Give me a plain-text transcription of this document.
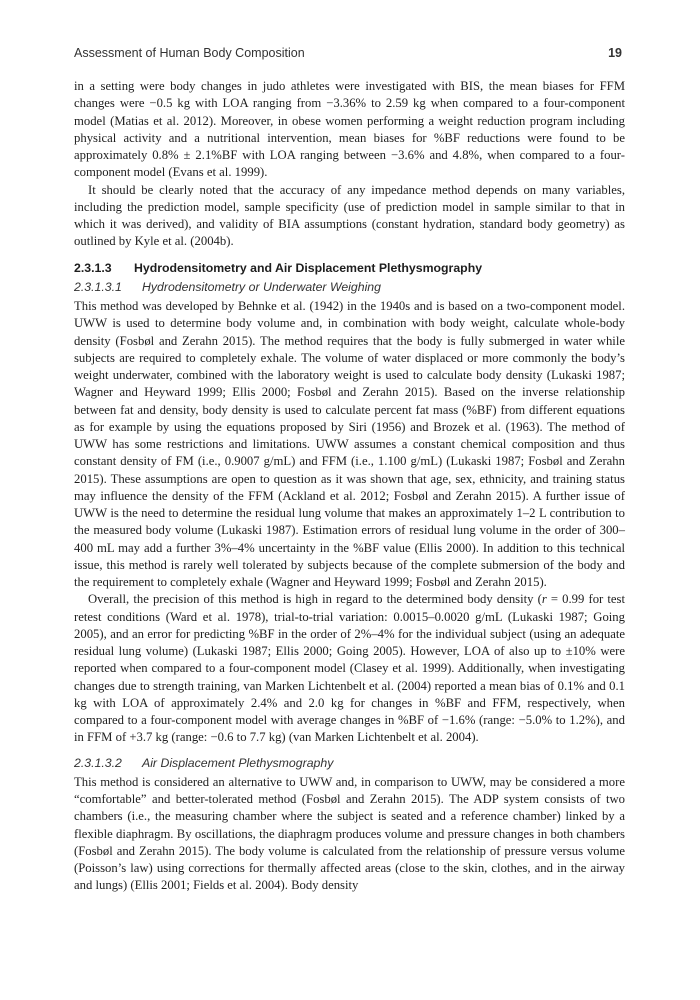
Assessment of Human Body Composition	19

in a setting were body changes in judo athletes were investigated with BIS, the mean biases for FFM changes were −0.5 kg with LOA ranging from −3.36% to 2.59 kg when compared to a four-component model (Matias et al. 2012). Moreover, in obese women performing a weight reduction program including physical activity and a nutritional intervention, mean biases for %BF reductions were found to be approximately 0.8% ± 2.1%BF with LOA ranging between −3.6% and 4.8%, when compared to a four-component model (Evans et al. 1999).

It should be clearly noted that the accuracy of any impedance method depends on many variables, including the prediction model, sample specificity (use of prediction model in sample similar to that in which it was derived), and validity of BIA assumptions (constant hydration, standard body geometry) as outlined by Kyle et al. (2004b).

2.3.1.3 Hydrodensitometry and Air Displacement Plethysmography
2.3.1.3.1 Hydrodensitometry or Underwater Weighing

This method was developed by Behnke et al. (1942) in the 1940s and is based on a two-component model. UWW is used to determine body volume and, in combination with body weight, calculate whole-body density (Fosbøl and Zerahn 2015). The method requires that the body is fully submerged in water while subjects are required to completely exhale. The volume of water displaced or more commonly the body’s weight underwater, combined with the laboratory weight is used to calculate body density (Lukaski 1987; Wagner and Heyward 1999; Ellis 2000; Fosbøl and Zerahn 2015). Based on the inverse relationship between fat and density, body density is used to calculate percent fat mass (%BF) from different equations as for example by using the equations proposed by Siri (1956) and Brozek et al. (1963). The method of UWW has some restrictions and limitations. UWW assumes a constant chemical composition and thus constant density of FM (i.e., 0.9007 g/mL) and FFM (i.e., 1.100 g/mL) (Lukaski 1987; Fosbøl and Zerahn 2015). These assumptions are open to question as it was shown that age, sex, ethnicity, and training status may influence the density of the FFM (Ackland et al. 2012; Fosbøl and Zerahn 2015). A further issue of UWW is the need to determine the residual lung volume that makes an approximately 1–2 L contribution to the measured body volume (Lukaski 1987). Estimation errors of residual lung volume in the order of 300–400 mL may add a further 3%–4% uncertainty in the %BF value (Ellis 2000). In addition to this technical issue, this method is rarely well tolerated by subjects because of the complete submersion of the body and the requirement to completely exhale (Wagner and Heyward 1999; Fosbøl and Zerahn 2015).

Overall, the precision of this method is high in regard to the determined body density (r = 0.99 for test retest conditions (Ward et al. 1978), trial-to-trial variation: 0.0015–0.0020 g/mL (Lukaski 1987; Going 2005), and an error for predicting %BF in the order of 2%–4% for the individual subject (using an adequate residual lung volume) (Lukaski 1987; Ellis 2000; Going 2005). However, LOA of also up to ±10% were reported when compared to a four-component model (Clasey et al. 1999). Additionally, when investigating changes due to strength training, van Marken Lichtenbelt et al. (2004) reported a mean bias of 0.1% and 0.1 kg with LOA of approximately 2.4% and 2.0 kg for changes in %BF and FFM, respectively, when compared to a four-component model with average changes in %BF of −1.6% (range: −5.0% to 1.2%), and in FFM of +3.7 kg (range: −0.6 to 7.7 kg) (van Marken Lichtenbelt et al. 2004).

2.3.1.3.2 Air Displacement Plethysmography

This method is considered an alternative to UWW and, in comparison to UWW, may be considered a more “comfortable” and better-tolerated method (Fosbøl and Zerahn 2015). The ADP system consists of two chambers (i.e., the measuring chamber where the subject is seated and a reference chamber) linked by a flexible diaphragm. By oscillations, the diaphragm produces volume and pressure changes in both chambers (Fosbøl and Zerahn 2015). The body volume is calculated from the relationship of pressure versus volume (Poisson’s law) using corrections for thermally affected areas (close to the skin, clothes, and in the airway and lungs) (Ellis 2001; Fields et al. 2004). Body density
